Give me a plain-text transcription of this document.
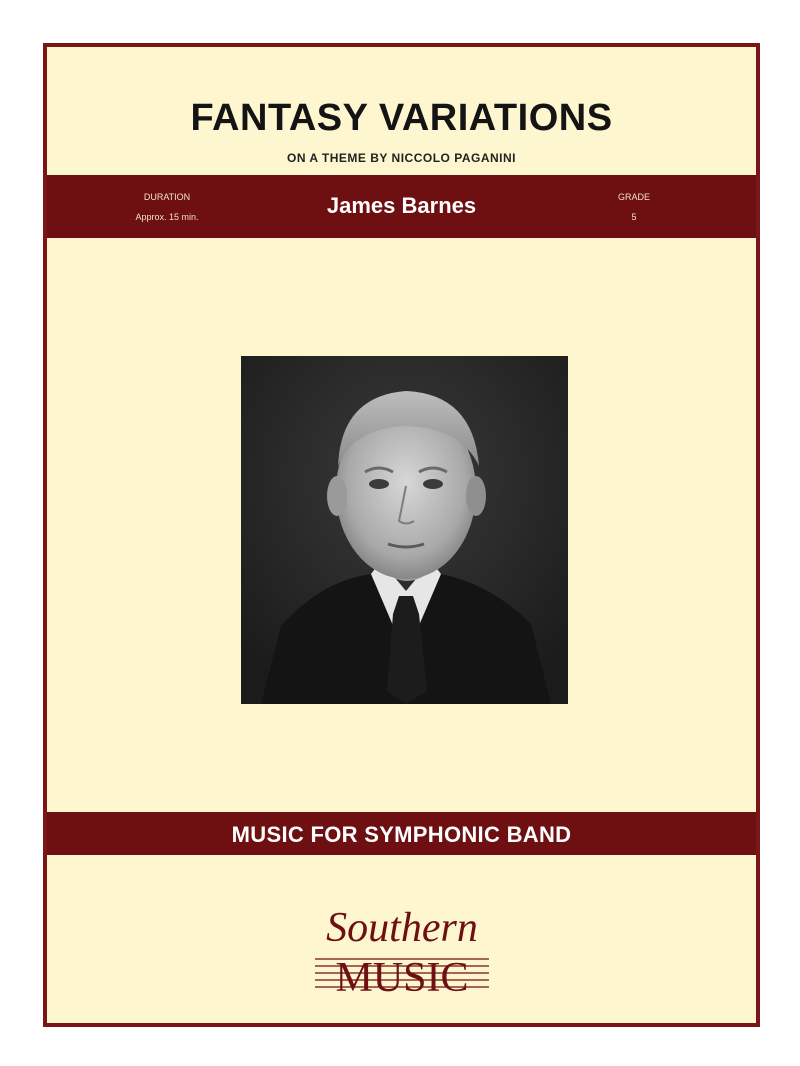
FANTASY VARIATIONS
ON A THEME BY NICCOLO PAGANINI
DURATION
Approx. 15 min.	James Barnes	GRADE
5
MUSIC FOR SYMPHONIC BAND
Southern
MUSIC
